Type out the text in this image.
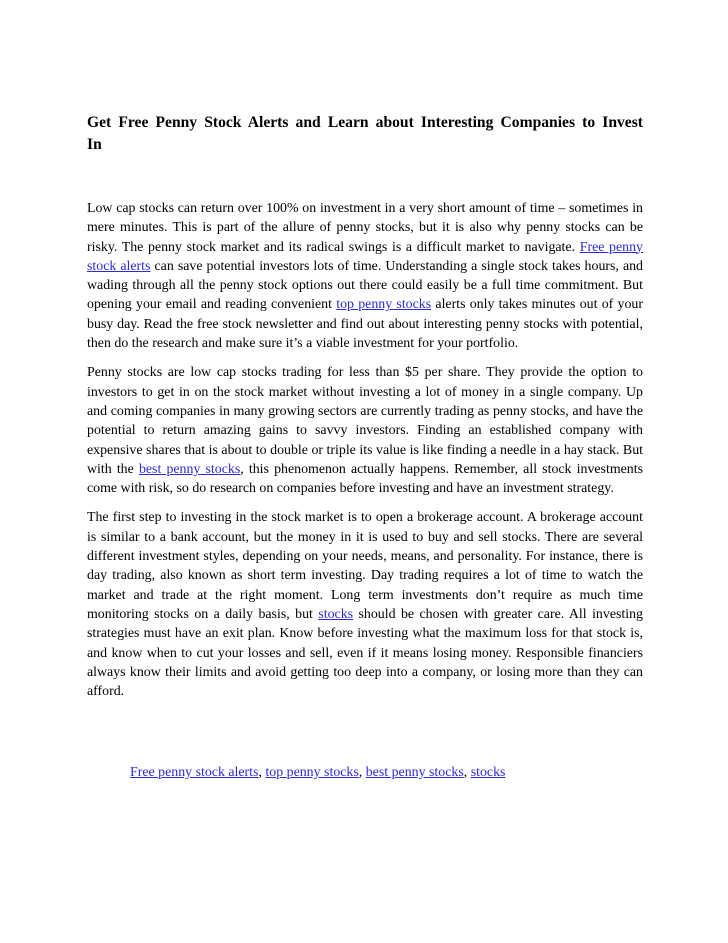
Get Free Penny Stock Alerts and Learn about Interesting Companies to Invest In

Low cap stocks can return over 100% on investment in a very short amount of time – sometimes in mere minutes. This is part of the allure of penny stocks, but it is also why penny stocks can be risky. The penny stock market and its radical swings is a difficult market to navigate. Free penny stock alerts can save potential investors lots of time. Understanding a single stock takes hours, and wading through all the penny stock options out there could easily be a full time commitment. But opening your email and reading convenient top penny stocks alerts only takes minutes out of your busy day. Read the free stock newsletter and find out about interesting penny stocks with potential, then do the research and make sure it’s a viable investment for your portfolio.

Penny stocks are low cap stocks trading for less than $5 per share. They provide the option to investors to get in on the stock market without investing a lot of money in a single company. Up and coming companies in many growing sectors are currently trading as penny stocks, and have the potential to return amazing gains to savvy investors. Finding an established company with expensive shares that is about to double or triple its value is like finding a needle in a hay stack. But with the best penny stocks, this phenomenon actually happens. Remember, all stock investments come with risk, so do research on companies before investing and have an investment strategy.

The first step to investing in the stock market is to open a brokerage account. A brokerage account is similar to a bank account, but the money in it is used to buy and sell stocks. There are several different investment styles, depending on your needs, means, and personality. For instance, there is day trading, also known as short term investing. Day trading requires a lot of time to watch the market and trade at the right moment. Long term investments don’t require as much time monitoring stocks on a daily basis, but stocks should be chosen with greater care. All investing strategies must have an exit plan. Know before investing what the maximum loss for that stock is, and know when to cut your losses and sell, even if it means losing money. Responsible financiers always know their limits and avoid getting too deep into a company, or losing more than they can afford.

Free penny stock alerts, top penny stocks, best penny stocks, stocks
